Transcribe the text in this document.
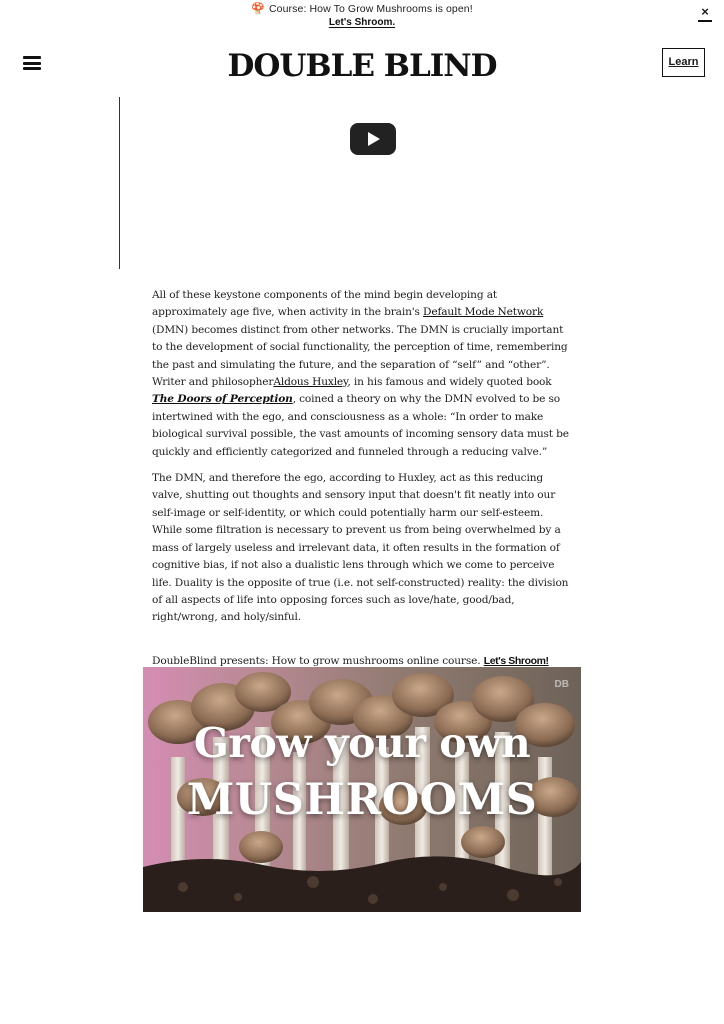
🍄 Course: How To Grow Mushrooms is open!
Let's Shroom.
×
DOUBLE BLIND	Learn

All of these keystone components of the mind begin developing at approximately age five, when activity in the brain's Default Mode Network (DMN) becomes distinct from other networks. The DMN is crucially important to the development of social functionality, the perception of time, remembering the past and simulating the future, and the separation of “self” and “other”. Writer and philosopherAldous Huxley, in his famous and widely quoted book The Doors of Perception, coined a theory on why the DMN evolved to be so intertwined with the ego, and consciousness as a whole: “In order to make biological survival possible, the vast amounts of incoming sensory data must be quickly and efficiently categorized and funneled through a reducing valve.”

The DMN, and therefore the ego, according to Huxley, act as this reducing valve, shutting out thoughts and sensory input that doesn't fit neatly into our self-image or self-identity, or which could potentially harm our self-esteem. While some filtration is necessary to prevent us from being overwhelmed by a mass of largely useless and irrelevant data, it often results in the formation of cognitive bias, if not also a dualistic lens through which we come to perceive life. Duality is the opposite of true (i.e. not self-constructed) reality: the division of all aspects of life into opposing forces such as love/hate, good/bad, right/wrong, and holy/sinful.

DoubleBlind presents: How to grow mushrooms online course. Let's Shroom!

DB
Grow your own
MUSHROOMS
